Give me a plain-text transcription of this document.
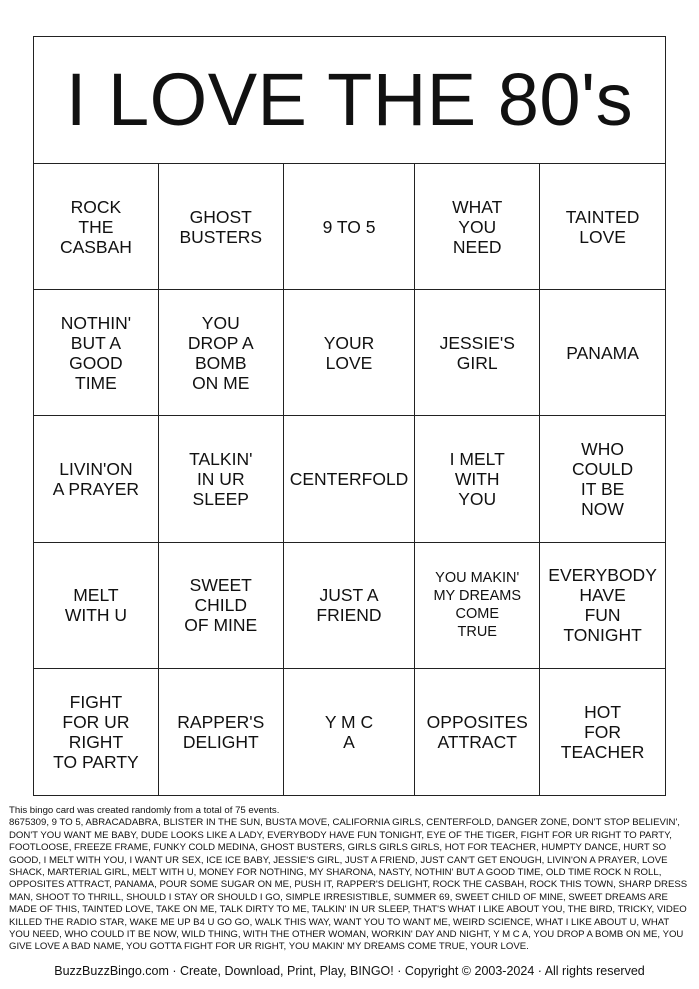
I LOVE THE 80's
ROCK
THE
CASBAH
GHOST
BUSTERS	9 TO 5
WHAT
YOU
NEED
TAINTED
LOVE
NOTHIN'
BUT A
GOOD
TIME
YOU
DROP A
BOMB
ON ME
YOUR
LOVE
JESSIE'S
GIRL	PANAMA
LIVIN'ON
A PRAYER
TALKIN'
IN UR
SLEEP
CENTERFOLD
I MELT
WITH
YOU
WHO
COULD
IT BE
NOW
MELT
WITH U
SWEET
CHILD
OF MINE
JUST A
FRIEND
YOU MAKIN'
MY DREAMS
COME
TRUE
EVERYBODY
HAVE
FUN
TONIGHT
FIGHT
FOR UR
RIGHT
TO PARTY
RAPPER'S
DELIGHT
Y M C
A
OPPOSITES
ATTRACT
HOT
FOR
TEACHER

This bingo card was created randomly from a total of 75 events.

8675309, 9 TO 5, ABRACADABRA, BLISTER IN THE SUN, BUSTA MOVE, CALIFORNIA GIRLS, CENTERFOLD, DANGER ZONE, DON'T STOP BELIEVIN', DON'T YOU WANT ME BABY, DUDE LOOKS LIKE A LADY, EVERYBODY HAVE FUN TONIGHT, EYE OF THE TIGER, FIGHT FOR UR RIGHT TO PARTY, FOOTLOOSE, FREEZE FRAME, FUNKY COLD MEDINA, GHOST BUSTERS, GIRLS GIRLS GIRLS, HOT FOR TEACHER, HUMPTY DANCE, HURT SO GOOD, I MELT WITH YOU, I WANT UR SEX, ICE ICE BABY, JESSIE'S GIRL, JUST A FRIEND, JUST CAN'T GET ENOUGH, LIVIN'ON A PRAYER, LOVE SHACK, MARTERIAL GIRL, MELT WITH U, MONEY FOR NOTHING, MY SHARONA, NASTY, NOTHIN' BUT A GOOD TIME, OLD TIME ROCK N ROLL, OPPOSITES ATTRACT, PANAMA, POUR SOME SUGAR ON ME, PUSH IT, RAPPER'S DELIGHT, ROCK THE CASBAH, ROCK THIS TOWN, SHARP DRESS MAN, SHOOT TO THRILL, SHOULD I STAY OR SHOULD I GO, SIMPLE IRRESISTIBLE, SUMMER 69, SWEET CHILD OF MINE, SWEET DREAMS ARE MADE OF THIS, TAINTED LOVE, TAKE ON ME, TALK DIRTY TO ME, TALKIN' IN UR SLEEP, THAT'S WHAT I LIKE ABOUT YOU, THE BIRD, TRICKY, VIDEO KILLED THE RADIO STAR, WAKE ME UP B4 U GO GO, WALK THIS WAY, WANT YOU TO WANT ME, WEIRD SCIENCE, WHAT I LIKE ABOUT U, WHAT YOU NEED, WHO COULD IT BE NOW, WILD THING, WITH THE OTHER WOMAN, WORKIN' DAY AND NIGHT, Y M C A, YOU DROP A BOMB ON ME, YOU GIVE LOVE A BAD NAME, YOU GOTTA FIGHT FOR UR RIGHT, YOU MAKIN' MY DREAMS COME TRUE, YOUR LOVE.

BuzzBuzzBingo.com · Create, Download, Print, Play, BINGO! · Copyright © 2003-2024 · All rights reserved
